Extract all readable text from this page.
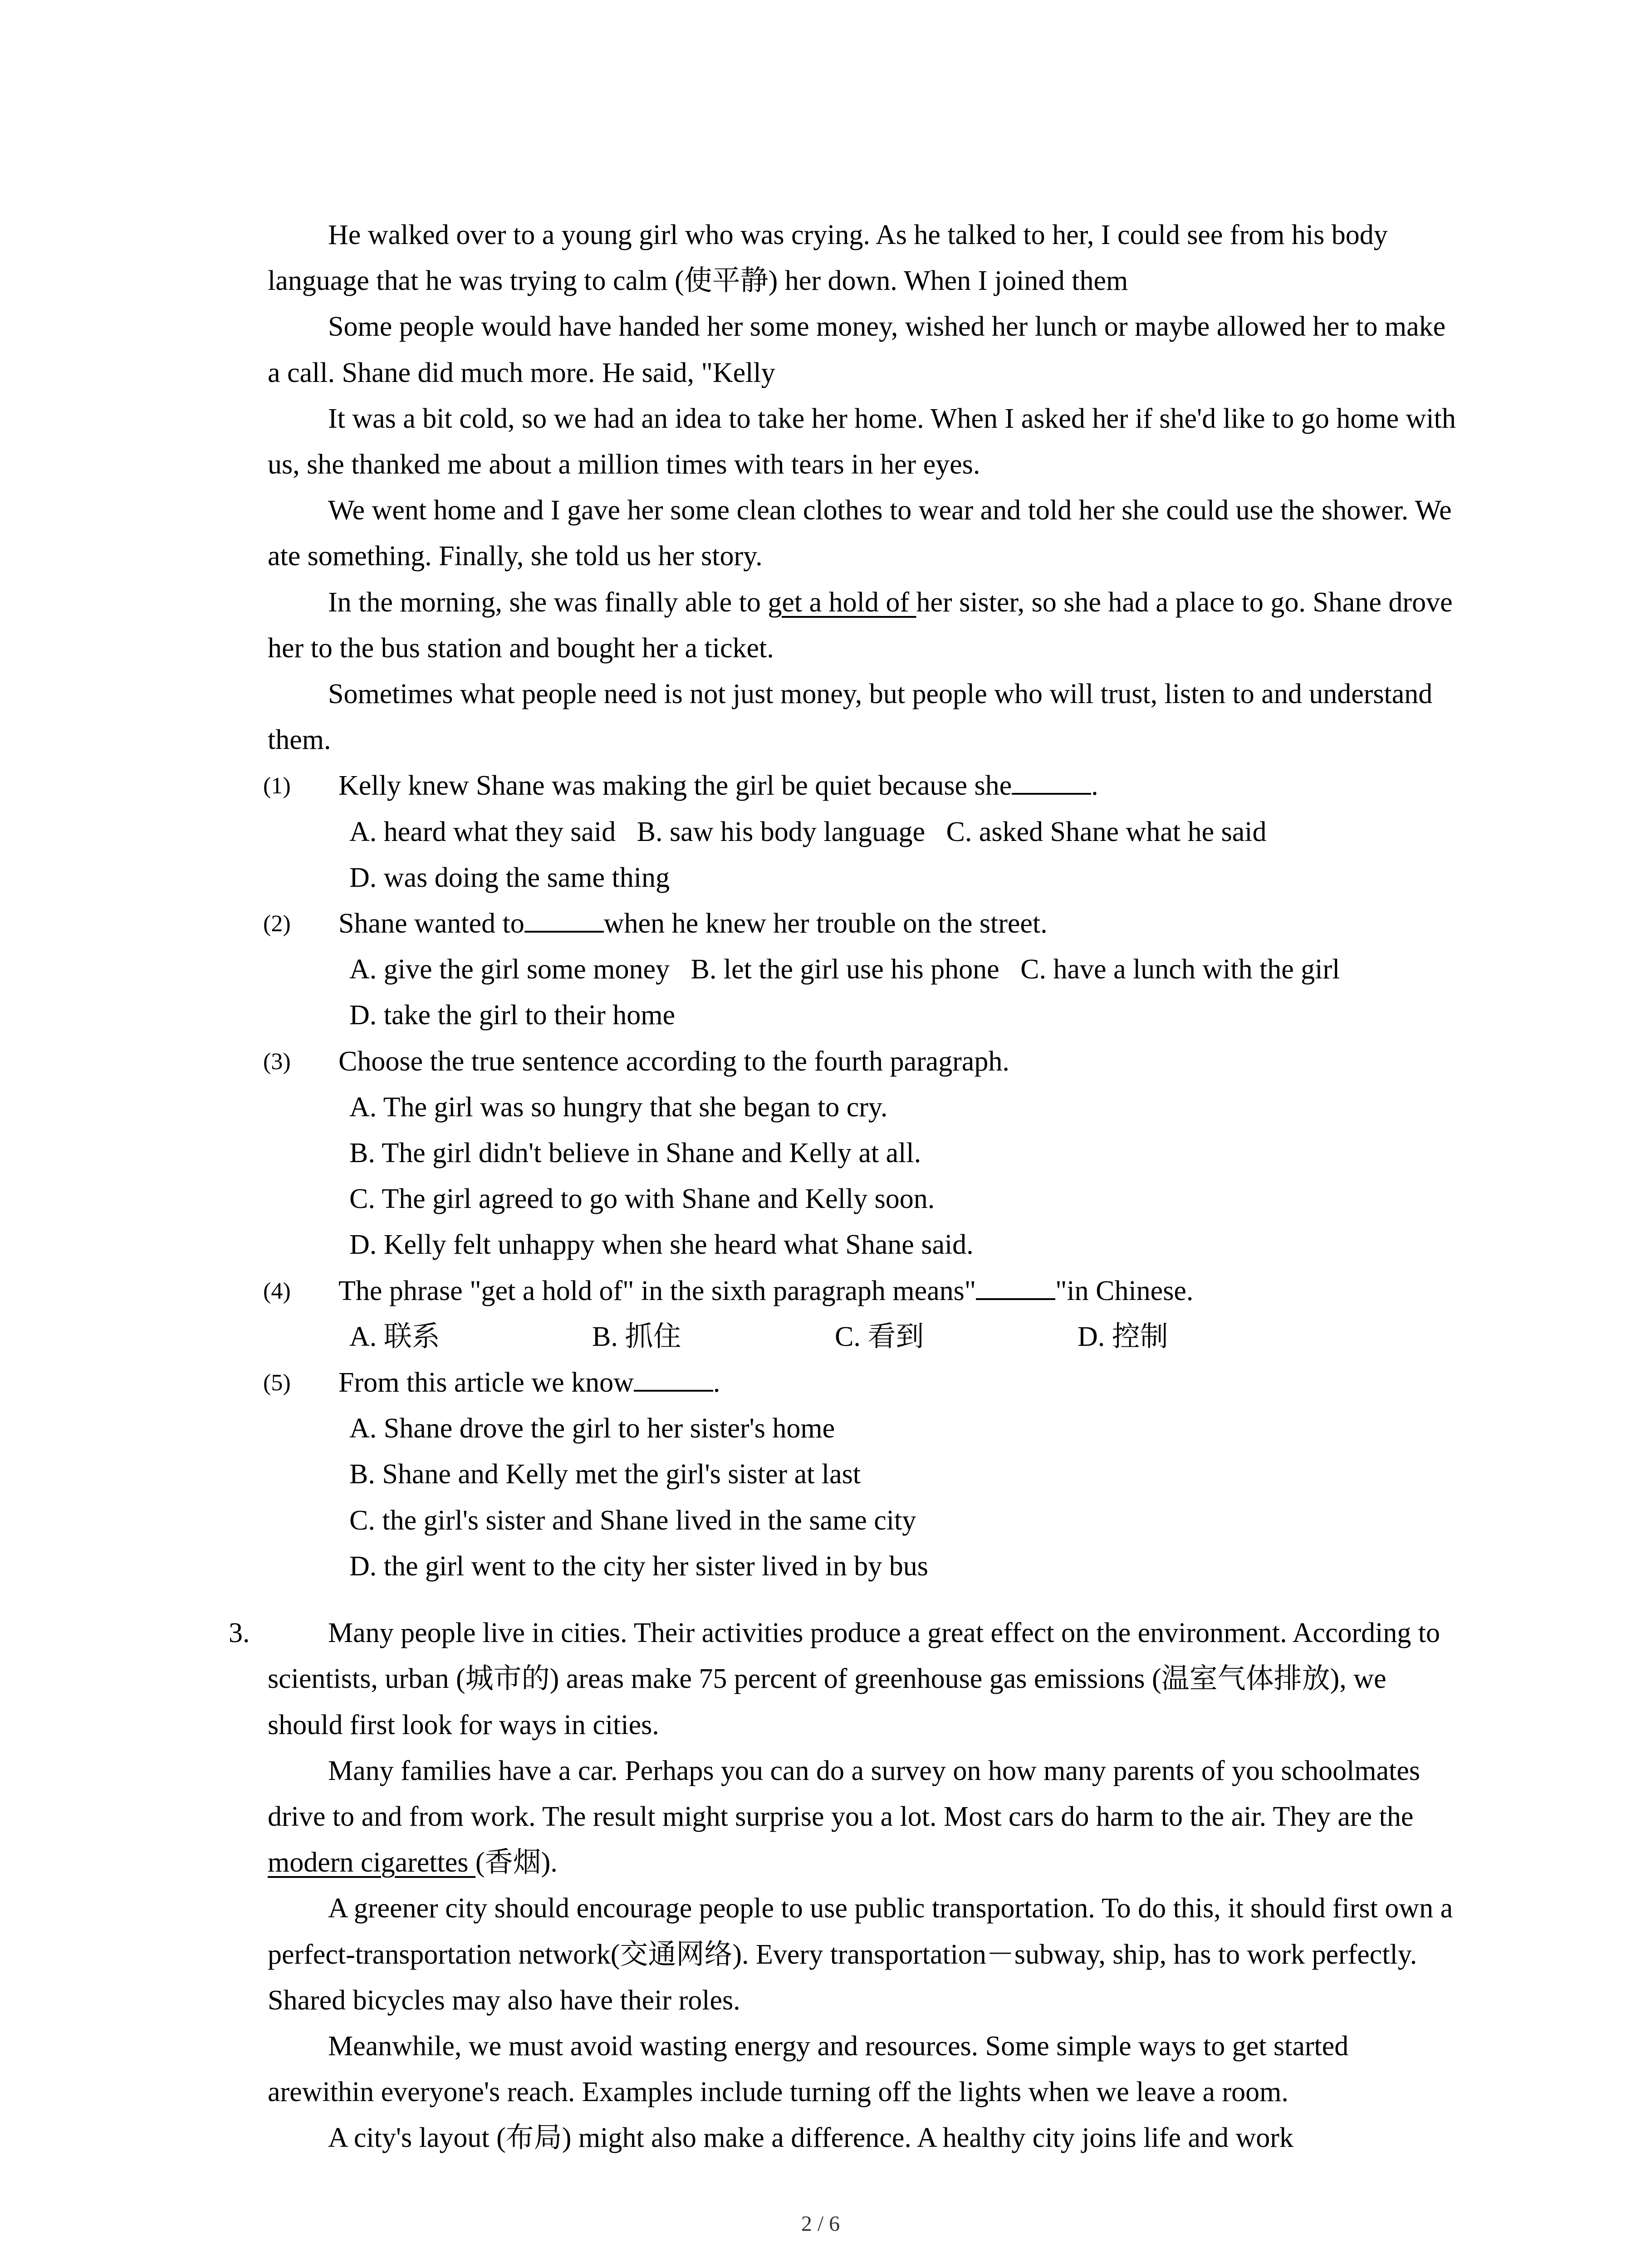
He walked over to a young girl who was crying. As he talked to her, I could see from his body language that he was trying to calm (使平静) her down. When I joined them

Some people would have handed her some money, wished her lunch or maybe allowed her to make a call. Shane did much more. He said, "Kelly

It was a bit cold, so we had an idea to take her home. When I asked her if she'd like to go home with us, she thanked me about a million times with tears in her eyes.

We went home and I gave her some clean clothes to wear and told her she could use the shower. We ate something. Finally, she told us her story.

In the morning, she was finally able to get a hold of her sister, so she had a place to go. Shane drove her to the bus station and bought her a ticket.

Sometimes what people need is not just money, but people who will trust, listen to and understand them.

(1) Kelly knew Shane was making the girl be quiet because she	.

A. heard what they said B. saw his body language C. asked Shane what he said

D. was doing the same thing

(2) Shane wanted to	when he knew her trouble on the street.

A. give the girl some money B. let the girl use his phone C. have a lunch with the girl

D. take the girl to their home

(3) Choose the true sentence according to the fourth paragraph.

A. The girl was so hungry that she began to cry.

B. The girl didn't believe in Shane and Kelly at all.

C. The girl agreed to go with Shane and Kelly soon.

D. Kelly felt unhappy when she heard what Shane said.

(4) The phrase "get a hold of" in the sixth paragraph means"	"in Chinese.

A. 联系	B. 抓住	C. 看到	D. 控制

(5) From this article we know	.

A. Shane drove the girl to her sister's home

B. Shane and Kelly met the girl's sister at last

C. the girl's sister and Shane lived in the same city

D. the girl went to the city her sister lived in by bus

3.	Many people live in cities. Their activities produce a great effect on the environment. According to scientists, urban (城市的) areas make 75 percent of greenhouse gas emissions (温室气体排放), we should first look for ways in cities.

Many families have a car. Perhaps you can do a survey on how many parents of you schoolmates drive to and from work. The result might surprise you a lot. Most cars do harm to the air. They are the modern cigarettes (香烟).

A greener city should encourage people to use public transportation. To do this, it should first own a perfect-transportation network(交通网络). Every transportation－subway, ship, has to work perfectly. Shared bicycles may also have their roles.

Meanwhile, we must avoid wasting energy and resources. Some simple ways to get started arewithin everyone's reach. Examples include turning off the lights when we leave a room.

A city's layout (布局) might also make a difference. A healthy city joins life and work

2 / 6
